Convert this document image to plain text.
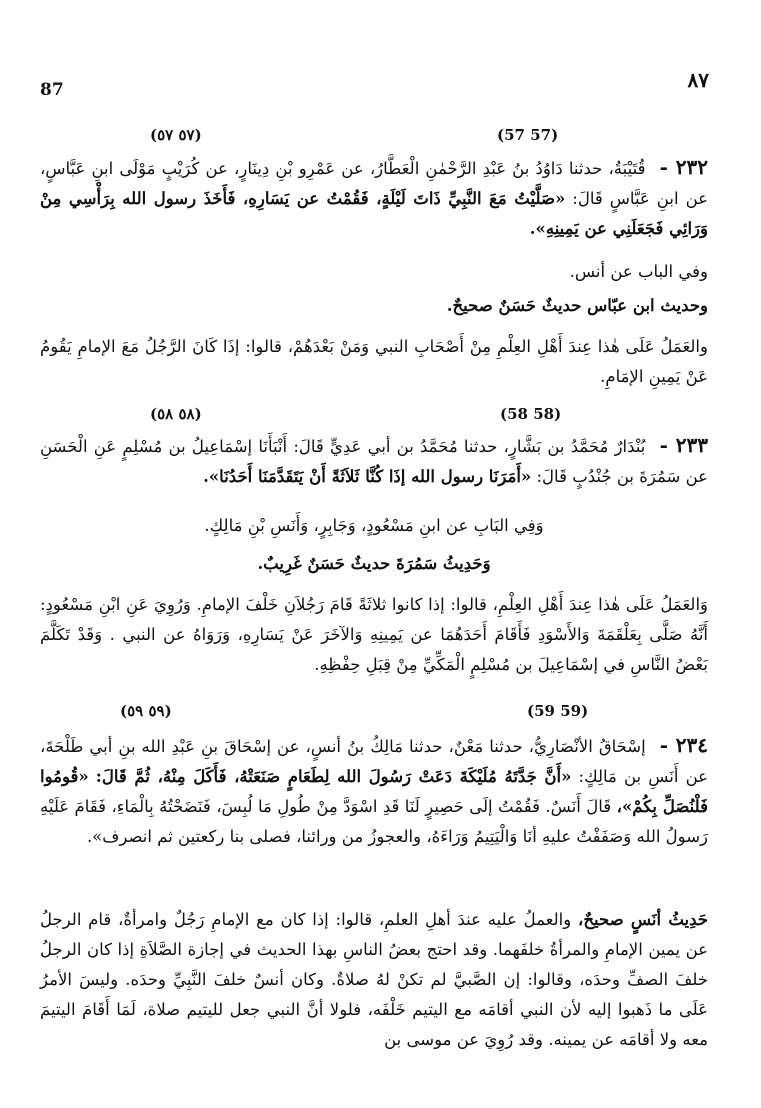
٨٧
87
(٥٧ ٥٧)	(57 57)
٢٣٢ - قُتَيْبَةُ، حدثنا دَاوُدُ بنُ عَبْدِ الرَّحْمٰنِ الْعَطَّارُ، عن عَمْرِو بْنِ دِينَارٍ، عن كُرَيْبٍ مَوْلَى ابنِ عَبَّاسٍ، عن ابنِ عَبَّاسٍ قَالَ: «صَلَّيْتُ مَعَ النَّبِيِّ ذَاتَ لَيْلَةٍ، فَقُمْتُ عن يَسَارِهِ، فَأَخَذَ رسول الله بِرَأْسِي مِنْ وَرَائِي فَجَعَلَنِي عن يَمِينِهِ».
وفي الباب عن أنس.
وحديث ابن عبّاس حديثٌ حَسَنٌ صحيحٌ.
والعَمَلُ عَلَى هٰذا عِندَ أَهْلِ العِلْمِ مِنْ أَصْحَابِ النبي وَمَنْ بَعْدَهُمْ، قالوا: إذَا كَانَ الرَّجُلُ مَعَ الإمامِ يَقُومُ عَنْ يَمِينِ الإمَامِ.
(٥٨ ٥٨)	(58 58)
٢٣٣ - بُنْدَارٌ مُحَمَّدُ بن بَشَّارٍ، حدثنا مُحَمَّدُ بن أبي عَدِيٍّ قَالَ: أَنْبَأَنَا إسْمَاعِيلُ بن مُسْلِمٍ عَنِ الْحَسَنِ عن سَمُرَةَ بن جُنْدُبٍ قَالَ: «أَمَرَنَا رسول الله إذَا كُنَّا ثَلاَثَةً أَنْ يَتَقَدَّمَنَا أَحَدُنَا».
وَفِي البَابِ عن ابنِ مَسْعُودٍ، وَجَابِرٍ، وَأَنَسِ بْنِ مَالِكٍ.
وَحَدِيثُ سَمُرَةَ حديثٌ حَسَنٌ غَرِيبٌ.
وَالعَمَلُ عَلَى هٰذا عِندَ أَهْلِ العِلْمِ، قالوا: إذا كانوا ثلاثَةً قَامَ رَجُلاَنِ خَلْفَ الإمامِ. وَرُوِيَ عَنِ ابْنِ مَسْعُودٍ: أَنَّهُ صَلَّى بِعَلْقَمَةَ وَالأَسْوَدِ فَأَقَامَ أَحَدَهُمَا عن يَمِينِهِ وَالآخَرَ عَنْ يَسَارِهِ، وَرَوَاهُ عن النبي . وَقَدْ تَكَلَّمَ بَعْضُ النَّاسِ في إسْمَاعِيلَ بن مُسْلِمٍ الْمَكِّيِّ مِنْ قِبَلِ حِفْظِهِ.
(٥٩ ٥٩)	(59 59)
٢٣٤ - إسْحَاقُ الأنْصَارِيُّ، حدثنا مَعْنٌ، حدثنا مَالِكُ بنُ أنسٍ، عن إسْحَاقَ بنِ عَبْدِ الله بنِ أبي طَلْحَةَ، عن أَنَسِ بن مَالِكٍ: «أَنَّ جَدَّتَهُ مُلَيْكَةَ دَعَتْ رَسُولَ الله لِطَعَامٍ صَنَعَتْهُ، فَأَكَلَ مِنْهُ، ثُمَّ قَالَ: «قُومُوا فَلْنُصَلِّ بِكُمْ»، قَالَ أَنَسٌ. فَقُمْتُ إلَى حَصِيرٍ لَنَا قَدِ اسْوَدَّ مِنْ طُولِ مَا لُبِسَ، فَنَضَحْتُهُ بِالْمَاءِ، فَقَامَ عَلَيْهِ رَسولُ الله وَصَفَفْتُ عليهِ أنَا وَالْيَتِيمُ وَرَاءَهُ، والعجوزُ من ورائنا، فصلى بنا ركعتين ثم انصرف».
حَدِيثُ أنَسٍ صحيحٌ، والعملُ عليه عندَ أهلِ العلمِ، قالوا: إذا كان مع الإمامِ رَجُلٌ وامرأةٌ، قام الرجلُ عن يمين الإمامِ والمرأةُ خلفَهما. وقد احتج بعضُ الناسِ بهذا الحديث في إجازة الصَّلاَةِ إذا كان الرجلُ خلفَ الصفِّ وحدَه، وقالوا: إن الصَّبيَّ لم تكنْ لهُ صلاةٌ. وكان أنسٌ خلفَ النَّبِيِّ وحدَه. وليسَ الأمرُ عَلَى ما ذَهبوا إليه لأن النبي أقامَه مع اليتيم خَلْفَه، فلولا أنَّ النبي جعل لليتيم صلاة، لَمَا أَقَامَ اليتيمَ معه ولا أقامَه عن يمينه. وقد رُوِيَ عن موسى بن
